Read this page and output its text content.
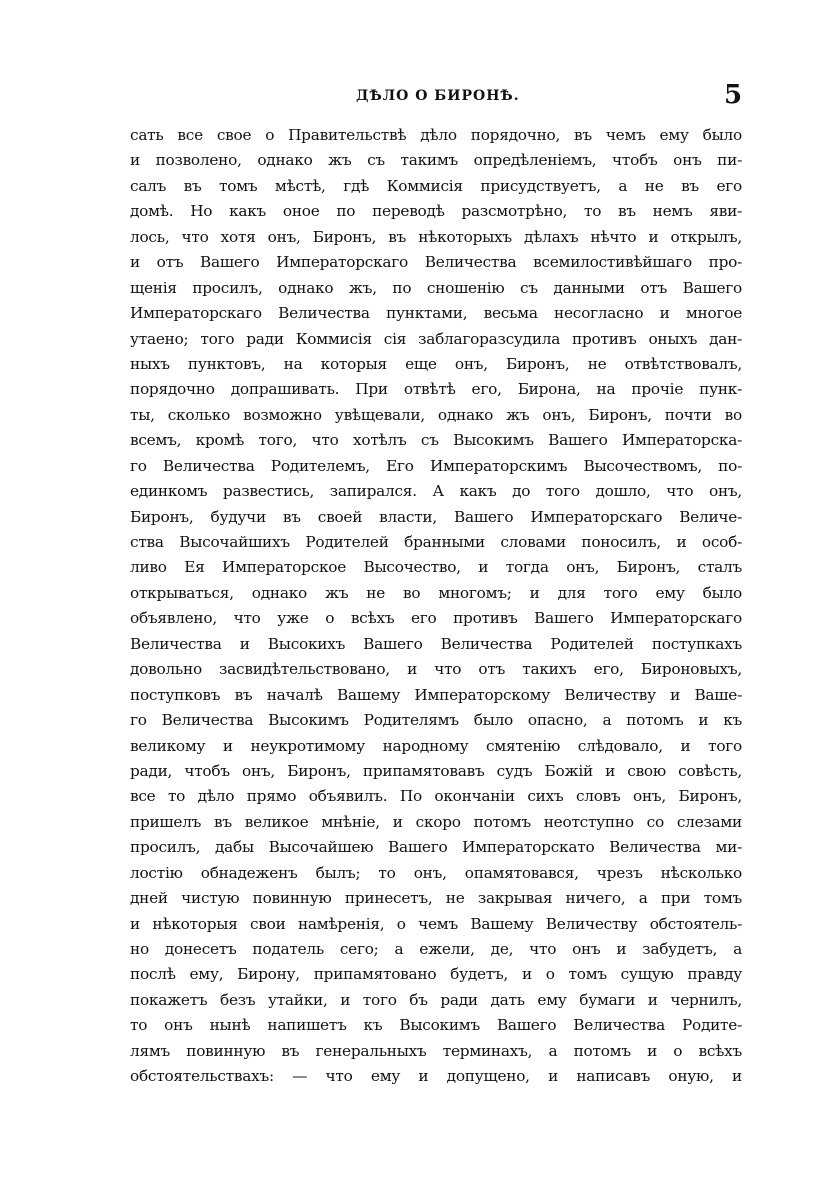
ДѢЛО О БИРОНѢ.	5
сать все свое о Правительствѣ дѣло порядочно, въ чемъ ему было
и позволено, однако жъ съ такимъ опредѣленіемъ, чтобъ онъ пи-
салъ въ томъ мѣстѣ, гдѣ Коммисія присудствуетъ, а не въ его
домѣ. Но какъ оное по переводѣ разсмотрѣно, то въ немъ яви-
лось, что хотя онъ, Биронъ, въ нѣкоторыхъ дѣлахъ нѣчто и открылъ,
и отъ Вашего Императорскаго Величества всемилостивѣйшаго про-
щенія просилъ, однако жъ, по сношенію съ данными отъ Вашего
Императорскаго Величества пунктами, весьма несогласно и многое
утаено; того ради Коммисія сія заблагоразсудила противъ оныхъ дан-
ныхъ пунктовъ, на которыя еще онъ, Биронъ, не отвѣтствовалъ,
порядочно допрашивать. При отвѣтѣ его, Бирона, на прочіе пунк-
ты, сколько возможно увѣщевали, однако жъ онъ, Биронъ, почти во
всемъ, кромѣ того, что хотѣлъ съ Высокимъ Вашего Императорска-
го Величества Родителемъ, Его Императорскимъ Высочествомъ, по-
единкомъ развестись, запирался. А какъ до того дошло, что онъ,
Биронъ, будучи въ своей власти, Вашего Императорскаго Величе-
ства Высочайшихъ Родителей бранными словами поносилъ, и особ-
ливо Ея Императорское Высочество, и тогда онъ, Биронъ, сталъ
открываться, однако жъ не во многомъ; и для того ему было
объявлено, что уже о всѣхъ его противъ Вашего Императорскаго
Величества и Высокихъ Вашего Величества Родителей поступкахъ
довольно засвидѣтельствовано, и что отъ такихъ его, Бироновыхъ,
поступковъ въ началѣ Вашему Императорскому Величеству и Ваше-
го Величества Высокимъ Родителямъ было опасно, а потомъ и къ
великому и неукротимому народному смятенію слѣдовало, и того
ради, чтобъ онъ, Биронъ, припамятовавъ судъ Божій и свою совѣсть,
все то дѣло прямо объявилъ. По окончаніи сихъ словъ онъ, Биронъ,
пришелъ въ великое мнѣніе, и скоро потомъ неотступно со слезами
просилъ, дабы Высочайшею Вашего Императорскато Величества ми-
лостію обнадеженъ былъ; то онъ, опамятовався, чрезъ нѣсколько
дней чистую повинную принесетъ, не закрывая ничего, а при томъ
и нѣкоторыя свои намѣренія, о чемъ Вашему Величеству обстоятель-
но донесетъ податель сего; а ежели, де, что онъ и забудетъ, а
послѣ ему, Бирону, припамятовано будетъ, и о томъ сущую правду
покажетъ безъ утайки, и того бъ ради дать ему бумаги и чернилъ,
то онъ нынѣ напишетъ къ Высокимъ Вашего Величества Родите-
лямъ повинную въ генеральныхъ терминахъ, а потомъ и о всѣхъ
обстоятельствахъ: — что ему и допущено, и написавъ оную, и
